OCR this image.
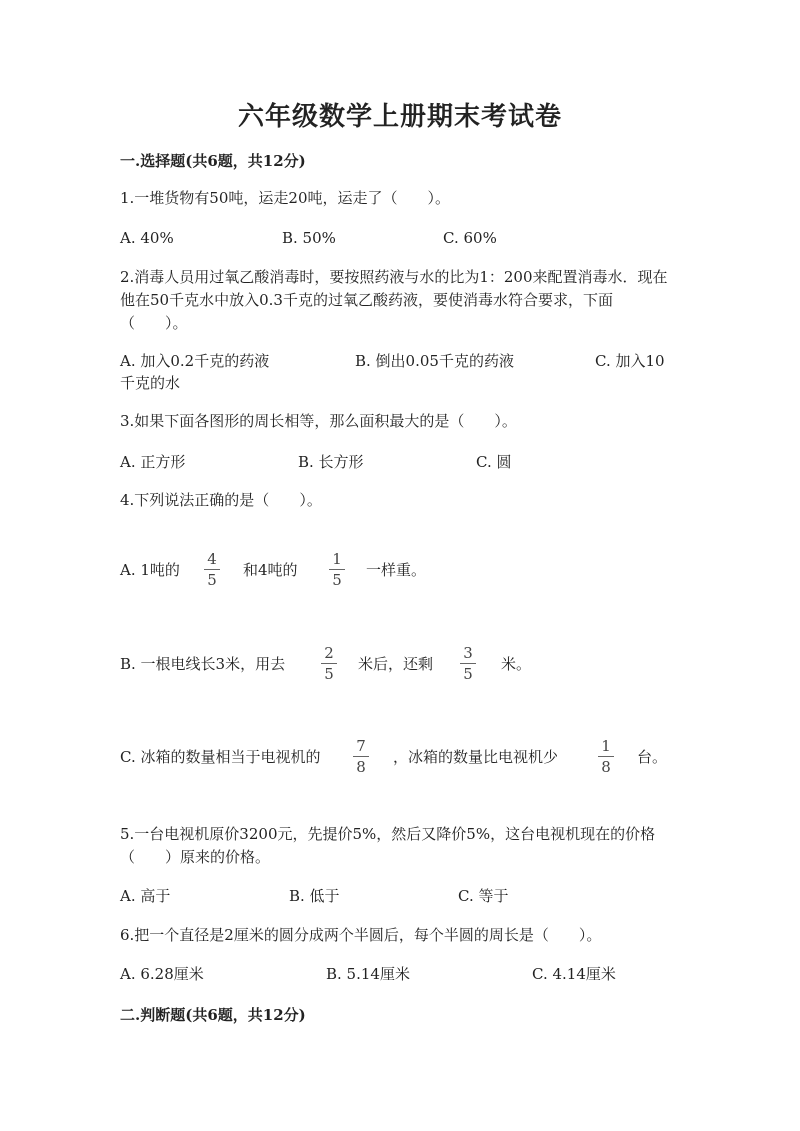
六年级数学上册期末考试卷
一.选择题(共6题，共12分)
1.一堆货物有50吨，运走20吨，运走了（　　）。
A. 40%	B. 50%	C. 60%
2.消毒人员用过氧乙酸消毒时，要按照药液与水的比为1：200来配置消毒水．现在他在50千克水中放入0.3千克的过氧乙酸药液，要使消毒水符合要求，下面（　　）。
A. 加入0.2千克的药液	B. 倒出0.05千克的药液	C. 加入10
千克的水
3.如果下面各图形的周长相等，那么面积最大的是（　　）。
A. 正方形	B. 长方形	C. 圆
4.下列说法正确的是（　　）。
A. 1吨的
4
5
和4吨的
1
5
一样重。
B. 一根电线长3米，用去
2
5
米后，还剩
3
5
米。
C. 冰箱的数量相当于电视机的
7
8
，冰箱的数量比电视机少
1
8
台。
5.一台电视机原价3200元，先提价5%，然后又降价5%，这台电视机现在的价格（　　）原来的价格。
A. 高于	B. 低于	C. 等于
6.把一个直径是2厘米的圆分成两个半圆后，每个半圆的周长是（　　）。
A. 6.28厘米	B. 5.14厘米	C. 4.14厘米
二.判断题(共6题，共12分)
